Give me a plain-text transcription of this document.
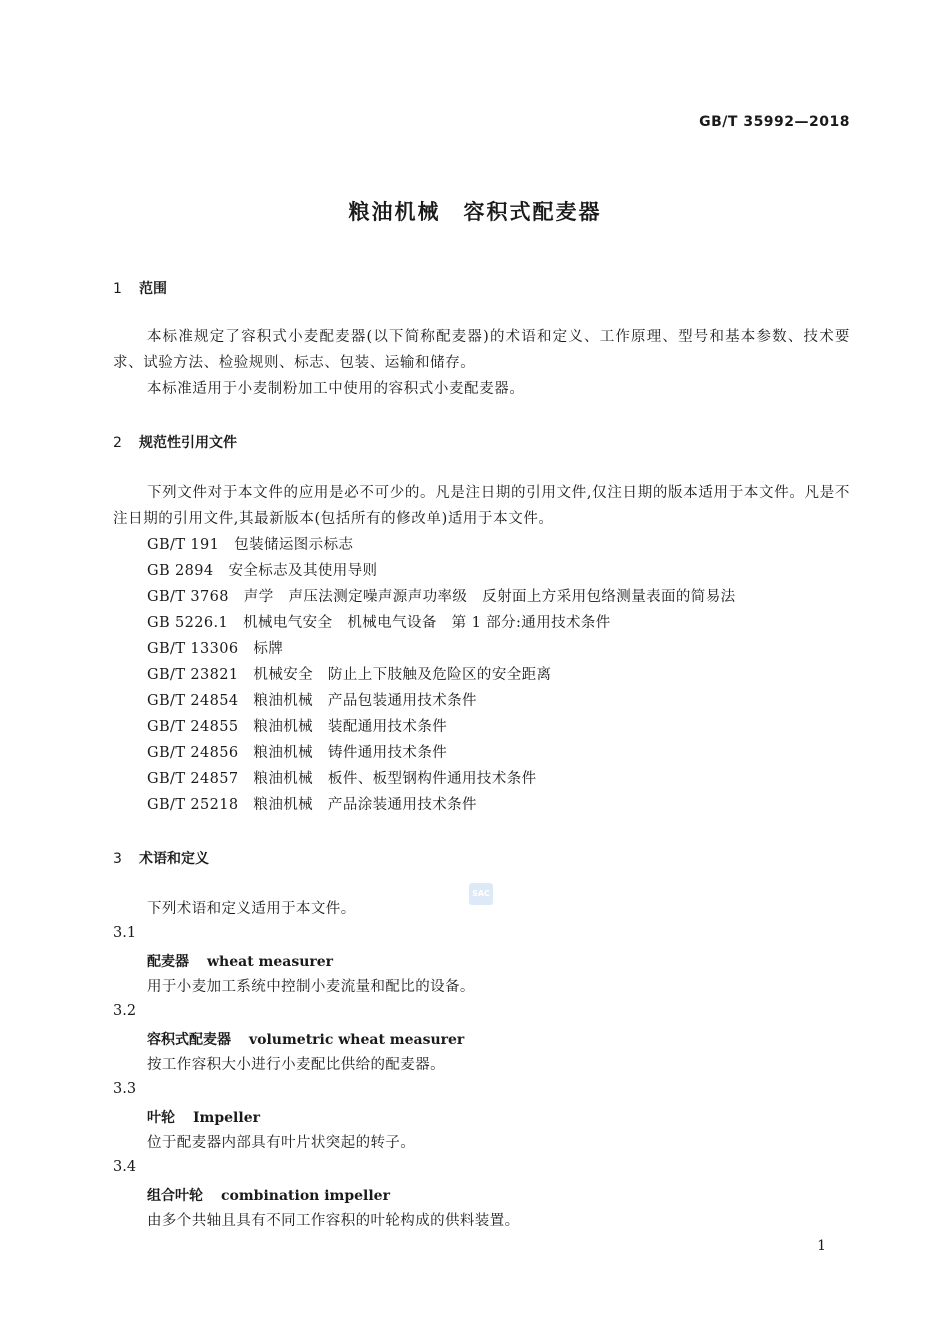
GB/T 35992—2018
粮油机械　容积式配麦器
1 范围
本标准规定了容积式小麦配麦器(以下简称配麦器)的术语和定义、工作原理、型号和基本参数、技术要求、试验方法、检验规则、标志、包装、运输和储存。
本标准适用于小麦制粉加工中使用的容积式小麦配麦器。
2 规范性引用文件
下列文件对于本文件的应用是必不可少的。凡是注日期的引用文件,仅注日期的版本适用于本文件。凡是不注日期的引用文件,其最新版本(包括所有的修改单)适用于本文件。
GB/T 191　包装储运图示标志
GB 2894　安全标志及其使用导则
GB/T 3768　声学　声压法测定噪声源声功率级　反射面上方采用包络测量表面的简易法
GB 5226.1　机械电气安全　机械电气设备　第 1 部分:通用技术条件
GB/T 13306　标牌
GB/T 23821　机械安全　防止上下肢触及危险区的安全距离
GB/T 24854　粮油机械　产品包装通用技术条件
GB/T 24855　粮油机械　装配通用技术条件
GB/T 24856　粮油机械　铸件通用技术条件
GB/T 24857　粮油机械　板件、板型钢构件通用技术条件
GB/T 25218　粮油机械　产品涂装通用技术条件
3 术语和定义
SAC
下列术语和定义适用于本文件。
3.1
配麦器 wheat measurer
用于小麦加工系统中控制小麦流量和配比的设备。
3.2
容积式配麦器 volumetric wheat measurer
按工作容积大小进行小麦配比供给的配麦器。
3.3
叶轮 Impeller
位于配麦器内部具有叶片状突起的转子。
3.4
组合叶轮 combination impeller
由多个共轴且具有不同工作容积的叶轮构成的供料装置。
1
